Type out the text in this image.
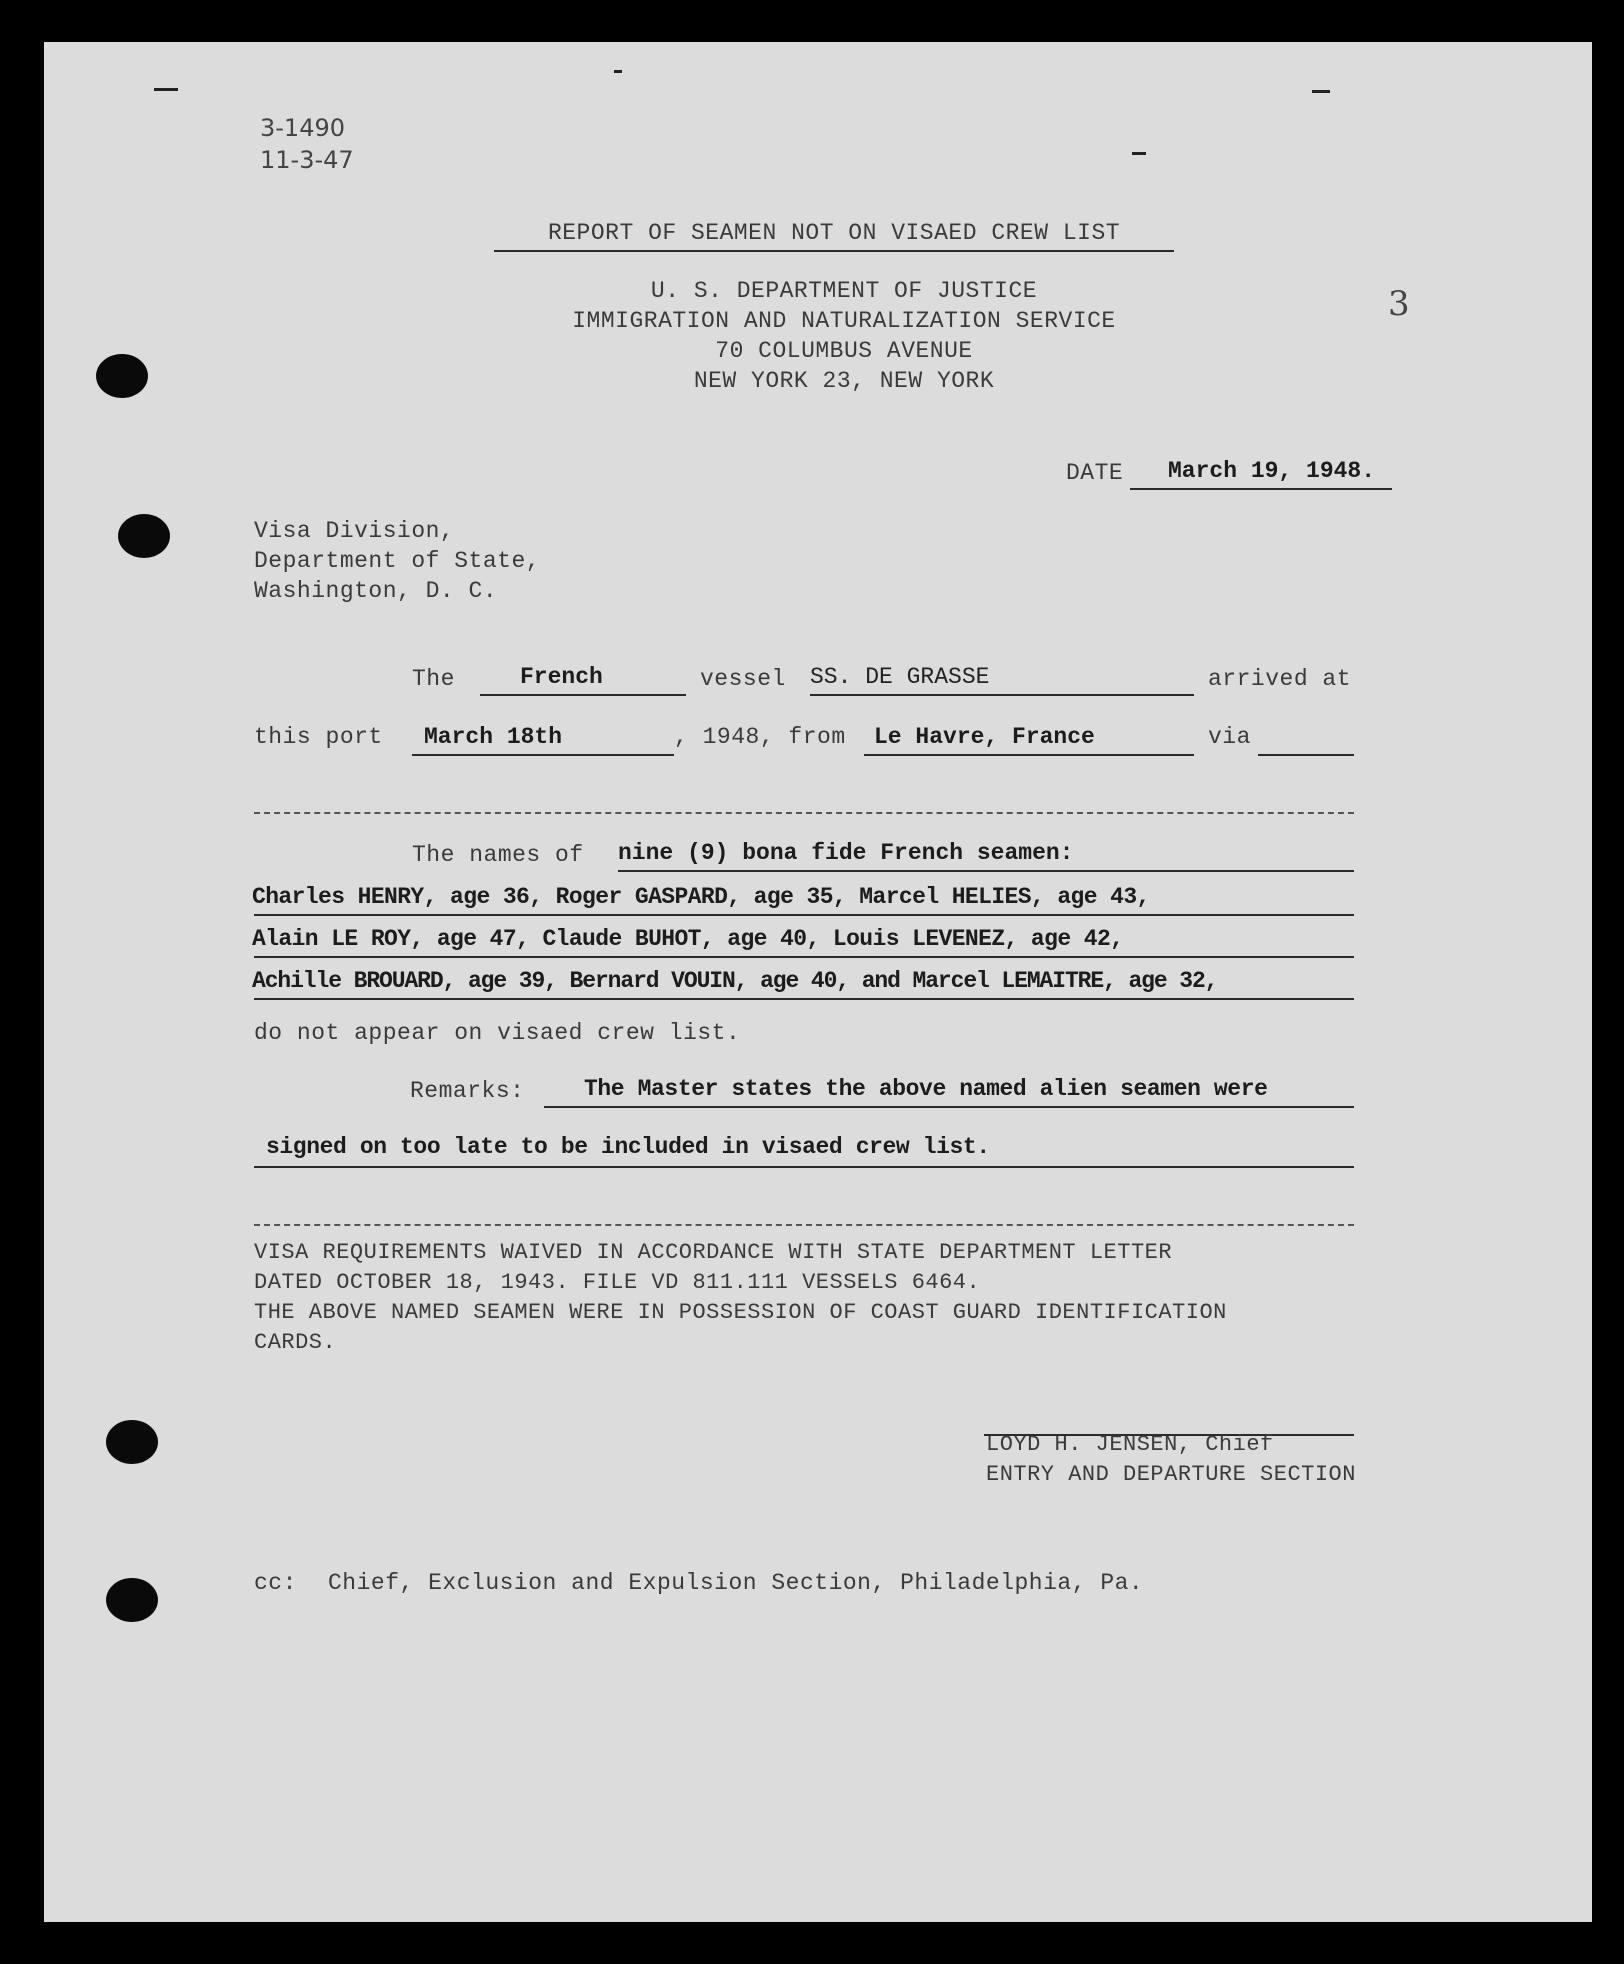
3-1490
11-3-47
3
REPORT OF SEAMEN NOT ON VISAED CREW LIST
U. S. DEPARTMENT OF JUSTICE
IMMIGRATION AND NATURALIZATION SERVICE
70 COLUMBUS AVENUE
NEW YORK 23, NEW YORK
DATE March 19, 1948.
Visa Division,
Department of State,
Washington, D. C.
The	French	vessel SS. DE GRASSE	arrived at
this port March 18th	, 1948, from Le Havre, France	via
The names of nine (9) bona fide French seamen:
Charles HENRY, age 36, Roger GASPARD, age 35, Marcel HELIES, age 43,
Alain LE ROY, age 47, Claude BUHOT, age 40, Louis LEVENEZ, age 42,
Achille BROUARD, age 39, Bernard VOUIN, age 40, and Marcel LEMAITRE, age 32,
do not appear on visaed crew list.
Remarks:	The Master states the above named alien seamen were
signed on too late to be included in visaed crew list.
VISA REQUIREMENTS WAIVED IN ACCORDANCE WITH STATE DEPARTMENT LETTER
DATED OCTOBER 18, 1943. FILE VD 811.111 VESSELS 6464.
THE ABOVE NAMED SEAMEN WERE IN POSSESSION OF COAST GUARD IDENTIFICATION
CARDS.
LOYD H. JENSEN, Chief
ENTRY AND DEPARTURE SECTION
cc: Chief, Exclusion and Expulsion Section, Philadelphia, Pa.
